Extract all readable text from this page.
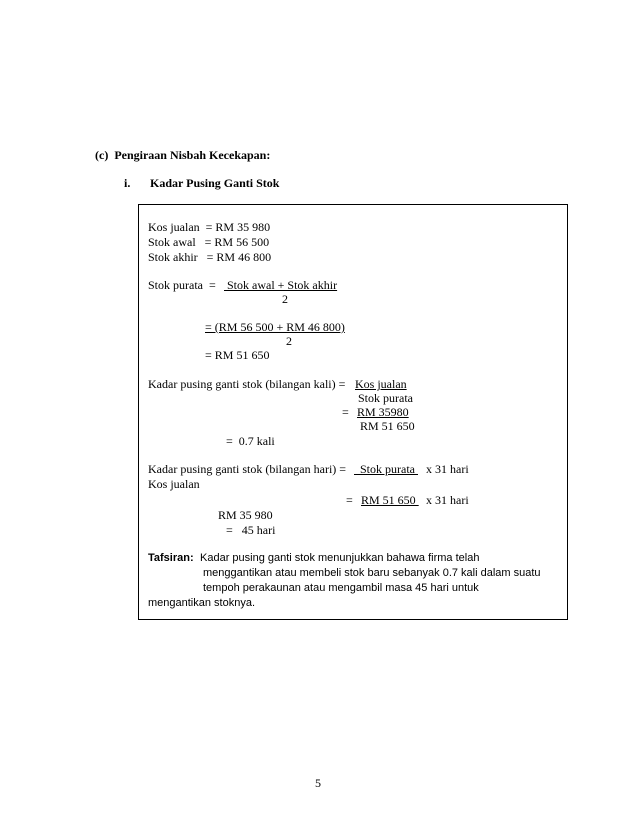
(c)  Pengiraan Nisbah Kecekapan:
i. Kadar Pusing Ganti Stok
Kos jualan  = RM 35 980
Stok awal   = RM 56 500
Stok akhir   = RM 46 800
Stok purata  = Stok awal + Stok akhir
2
= (RM 56 500 + RM 46 800)
2
= RM 51 650
Kadar pusing ganti stok (bilangan kali) = Kos jualan
Stok purata
= RM 35980
RM 51 650
=  0.7 kali
Kadar pusing ganti stok (bilangan hari) = Stok purata x 31 hari
Kos jualan
= RM 51 650 x 31 hari
RM 35 980
=   45 hari
Tafsiran: Kadar pusing ganti stok menunjukkan bahawa firma telah
menggantikan atau membeli stok baru sebanyak 0.7 kali dalam suatu
tempoh perakaunan atau mengambil masa 45 hari untuk
mengantikan stoknya.
5
